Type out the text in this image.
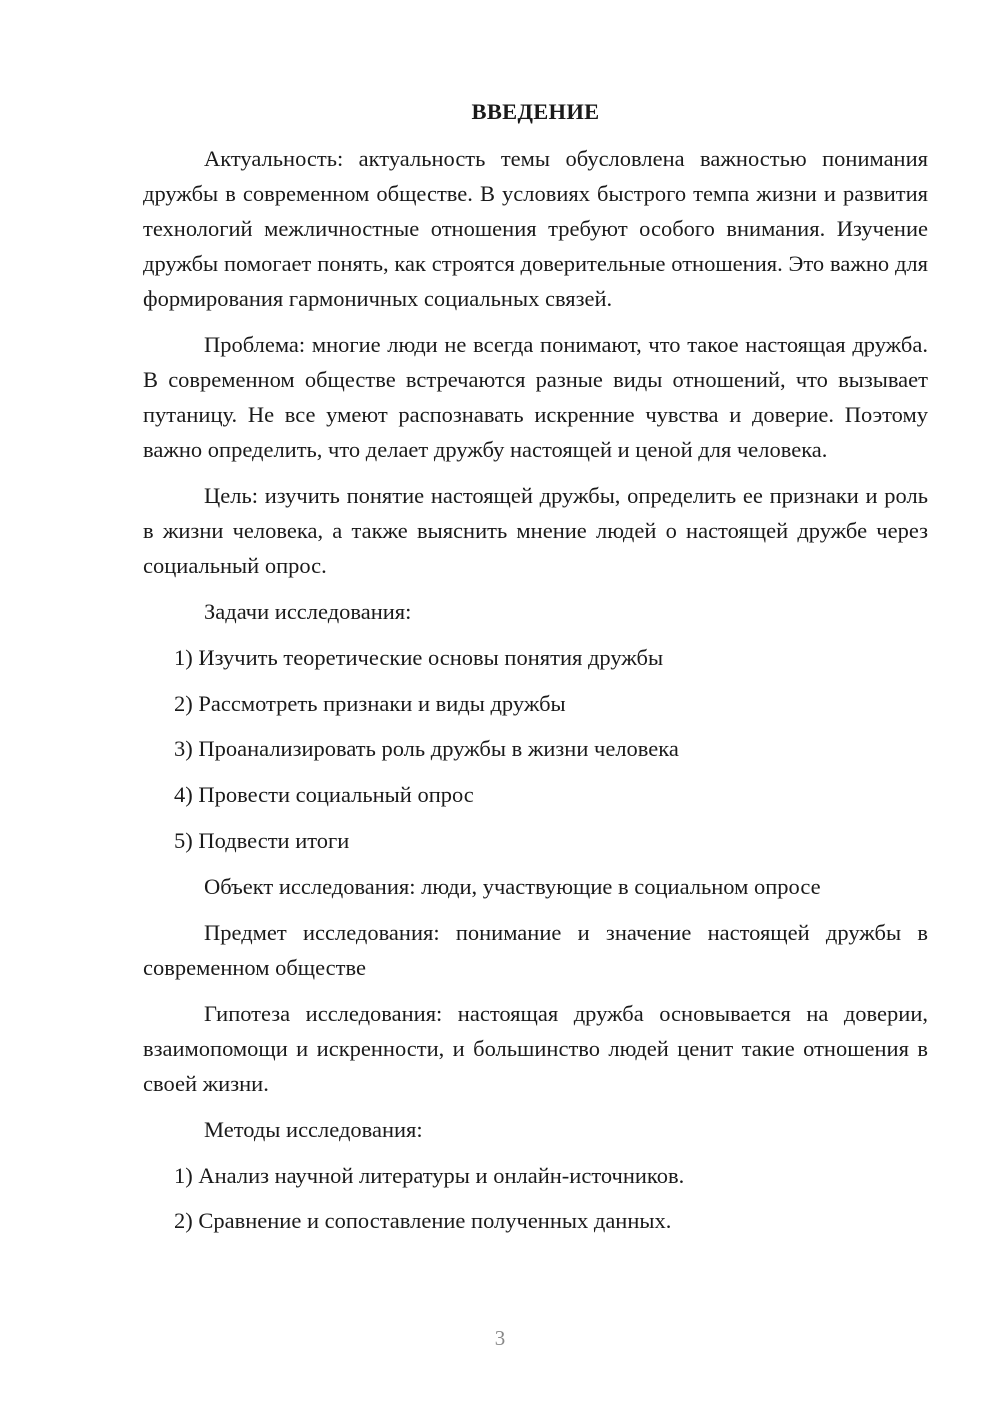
ВВЕДЕНИЕ

Актуальность: актуальность темы обусловлена важностью понимания дружбы в современном обществе. В условиях быстрого темпа жизни и развития технологий межличностные отношения требуют особого внимания. Изучение дружбы помогает понять, как строятся доверительные отношения. Это важно для формирования гармоничных социальных связей.

Проблема: многие люди не всегда понимают, что такое настоящая дружба. В современном обществе встречаются разные виды отношений, что вызывает путаницу. Не все умеют распознавать искренние чувства и доверие. Поэтому важно определить, что делает дружбу настоящей и ценой для человека.

Цель: изучить понятие настоящей дружбы, определить ее признаки и роль в жизни человека, а также выяснить мнение людей о настоящей дружбе через социальный опрос.

Задачи исследования:

1) Изучить теоретические основы понятия дружбы
2) Рассмотреть признаки и виды дружбы
3) Проанализировать роль дружбы в жизни человека
4) Провести социальный опрос
5) Подвести итоги

Объект исследования: люди, участвующие в социальном опросе

Предмет исследования: понимание и значение настоящей дружбы в современном обществе

Гипотеза исследования: настоящая дружба основывается на доверии, взаимопомощи и искренности, и большинство людей ценит такие отношения в своей жизни.

Методы исследования:

1) Анализ научной литературы и онлайн-источников.
2) Сравнение и сопоставление полученных данных.
3
